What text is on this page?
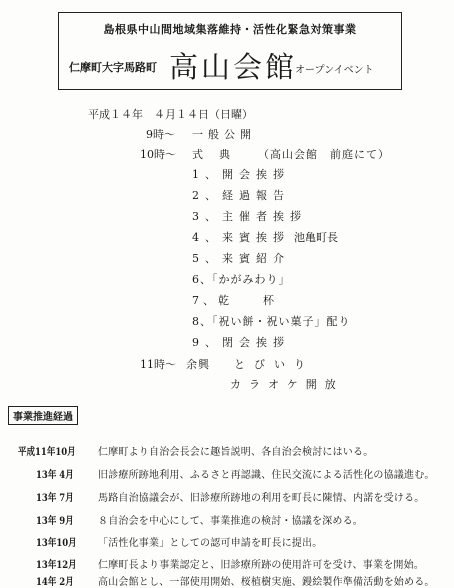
島根県中山間地域集落維持・活性化緊急対策事業
仁摩町大字馬路町 高山会館
オープンイベント
平成１４年　４月１４日（日曜）
9時～ 一般公開
10時～ 式典 （高山会館　前庭にて）
1、開会挨拶
2、経過報告
3、主催者挨拶
4、来賓挨拶 池亀町長
5、来賓紹介
6、「かがみわり」
7、乾　　杯
8、「祝い餅・祝い菓子」配り
9、閉会挨拶
11時～ 余興 とびいり
カラオケ開放
事業推進経過
平成11年10月 仁摩町より自治会長会に趣旨説明、各自治会検討にはいる。
13年 4月 旧診療所跡地利用、ふるさと再認識、住民交流による活性化の協議進む。
13年 7月 馬路自治協議会が、旧診療所跡地の利用を町長に陳情、内諾を受ける。
13年 9月 ８自治会を中心にして、事業推進の検討・協議を深める。
13年10月 「活性化事業」としての認可申請を町長に提出。
13年12月 仁摩町長より事業認定と、旧診療所跡の使用許可を受け、事業を開始。
14年 2月 高山会館とし、一部使用開始、桜植樹実施、鏝絵製作準備活動を始める。
